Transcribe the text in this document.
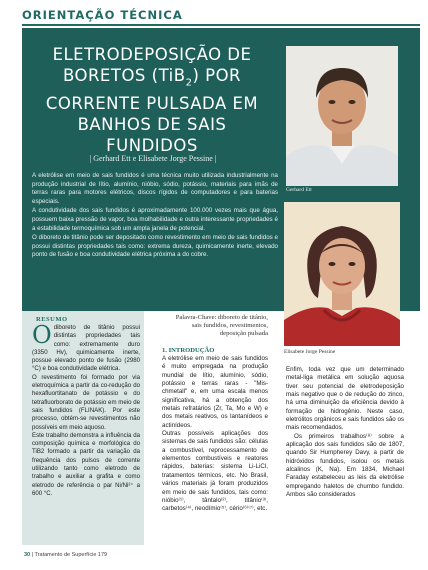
ORIENTAÇÃO TÉCNICA
ELETRODEPOSIÇÃO DE
BORETOS (TiB$_2$) POR
CORRENTE PULSADA EM
BANHOS DE SAIS FUNDIDOS
| Gerhard Ett e Elisabete Jorge Pessine |

A eletrólise em meio de sais fundidos é uma técnica muito utilizada industrialmente na produção industrial de lítio, alumínio, nióbio, sódio, potássio, materiais para imãs de terras raras para motores elétricos, discos rígidos de computadores e para baterias especiais.

A condutividade dos sais fundidos é aproximadamente 100.000 vezes mais que água, possuem baixa pressão de vapor, boa molhabilidade e outra interessante propriedades é a estabilidade termoquímica sob um ampla janela de potencial.

O diboreto de titânio pode ser depositado como revestimento em meio de sais fundidos e possui distintas propriedades tais como: extrema dureza, quimicamente inerte, elevado ponto de fusão e boa condutividade elétrica próxima a do cobre.

Gerhard Ett
Elisabete Jorge Pessine
RESUMO

Odiboreto de titânio possui distintas propriedades tais como: extremamente duro (3350 Hv), quimicamente inerte, possue elevado ponto de fusão (2980 °C) e boa condutividade elétrica.

O revestimento foi formado por via eletroquímica a partir da co-redução do hexafluortitanato de potássio e do tetrafluorborato de potássio em meio de sais fundidos (FLINAK). Por este processo, obtém-se revestimentos não possíveis em meio aquoso.

Este trabalho demonstra a influência da composição química e morfológica do TiB2 formado a partir da variação da frequência dos pulsos de corrente utilizando tanto como eletrodo de trabalho e auxiliar a grafita e como eletrodo de referência o par Ni/Ni²⁺ a 600 °C.

Palavra-Chave: diboreto de titânio,
sais fundidos, revestimentos,
deposição pulsada
1. INTRODUÇÃO

A eletrólise em meio de sais fundidos é muito empregada na produção mundial de lítio, alumínio, sódio, potássio e terras raras - "Mis-chmetall" e, em uma escala menos significativa, há a obtenção dos metais refratários (Zr, Ta, Mo e W) e dos metais reativos, os lantanídeos e actinídeos.

Outras possíveis aplicações dos sistemas de sais fundidos são: células a combustível, reprocessamento de elementos combustíveis e reatores rápidos, baterias: sistema Li-LiCl, tratamentos térmicos, etc. No Brasil, vários materiais já foram produzidos em meio de sais fundidos, tais como: nióbio⁽¹⁾, tântalo⁽²⁾, titânio⁽³⁾, carbetos⁽⁴⁾, neodímio⁽⁵⁾, cério⁽⁶⁾⁽⁷⁾, etc.

Enfim, toda vez que um determinado metal-liga metálica em solução aquosa tiver seu potencial de eletrodeposição mais negativo que o de redução do zinco, há uma diminuição da eficiência devido à formação de hidrogênio. Neste caso, eletrólitos orgânicos e sais fundidos são os mais recomendados.

Os primeiros trabalhos⁽⁸⁾ sobre a aplicação dos sais fundidos são de 1807, quando Sir Humpherey Davy, a partir de hidróxidos fundidos, isolou os metais alcalinos (K, Na). Em 1834, Michael Faraday estabeleceu as leis da eletrólise empregando haletos de chumbo fundido. Ambos são considerados

30 | Tratamento de Superfície 179
